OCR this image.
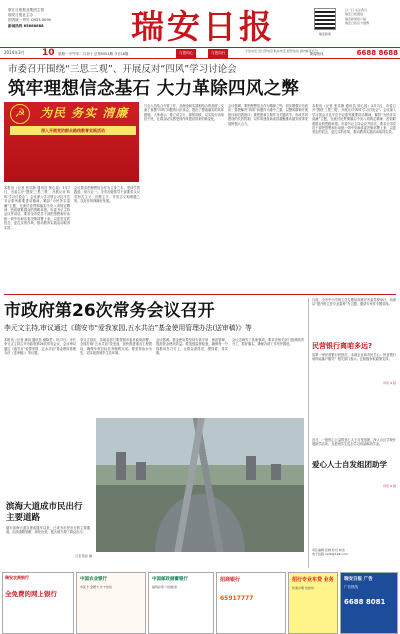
浙江日报报业集团主管
瑞安日报社主办
国内统一刊号 CN33-0090
新闻热线 65888888	瑞安日报	瑞安新闻
扫一扫 关注我们
瑞安日报微信
瑞安新闻客户端
瑞安日报官方微博
2014年3月 10 星期一 甲午年二月初十 总第5051期 今日16版	与您同心	与您同行	专线电话·发行部电话 联系电话 经营热线 国内邮发代号
新闻热线	6688 8688
市委召开围绕“三思三观”、开展反对“四风”学习讨论会
筑牢理想信念基石 大力革除四风之弊
☭	为民 务实 清廉
深入开展党的群众路线教育实践活动
本报讯（记者 张乐静 通讯员 钟心瑶）3月7日，市委召开“围绕‘三思三观’、开展反对‘四风’学习讨论会”。会议深入学习领会习近平总书记系列重要讲话精神，紧扣“为民务实清廉”主题，交流讨论贯彻落实中央八项规定精神、密切联系群众的思路举措。市委书记主持会议并讲话，要求全市党员干部把思想和行动统一到中央和省委决策部署上来，以更坚定的信念、更扎实的作风，推动教育实践活动取得实效。
会议要求把理想信念作为立身之本，坚持学思践悟、知行合一。全市各级领导干部要带头反对形式主义、官僚主义、享乐主义和奢靡之风，以好作风保障好发展。
与会人员结合分管工作，从理论和实践相结合的高度，交流了查摆“四风”问题的认识体会，提出了整改落实的具体措施。大家表示，要立说立行、即知即改，以实际行动取信于民，让群众切实感受到作风建设带来的新变化。
会议强调，要把理想信念作为精神之钙，切实增强宗旨意识；要把解决“四风”问题作为重中之重，以整风精神开展批评和自我批评；要把建章立制作为关键环节，形成作风建设的长效机制，以作风建设新成效凝聚推动瑞安改革发展的强大合力。
本报讯（记者 张乐静 通讯员 钟心瑶）3月7日，市委召开“围绕‘三思三观’、开展反对‘四风’学习讨论会”。会议深入学习领会习近平总书记系列重要讲话精神，紧扣“为民务实清廉”主题，交流讨论贯彻落实中央八项规定精神、密切联系群众的思路举措。市委书记主持会议并讲话，要求全市党员干部把思想和行动统一到中央和省委决策部署上来，以更坚定的信念、更扎实的作风，推动教育实践活动取得实效。
市政府第26次常务会议召开
李元文主持,审议通过《瑞安市“爱我家园,五水共治”基金使用管理办法(送审稿)》等
本报讯（记者 唐诗 通讯员 谢晓君）3月7日，市长李元文主持召开市政府第26次常务会议，会议审议通过《瑞安市“爱我家园、五水共治”基金使用管理办法（送审稿）》等议题。
李元文指出，各地各部门要按照市委市政府部署，全面打响“五水共治”攻坚战，加快推进重点工程建设，确保年度目标任务顺利完成。要坚持治水为先，切实改善城乡生态环境。
会议强调，基金使用要坚持专款专用、规范管理，提高资金使用效益。要加强监督检查，确保每一分钱都用在刀刃上，让群众看得见、摸得着、得实惠。
会议还研究了其他事项，要求各相关部门按照职责分工，抓好落实，确保各项工作有序推进。
滨海大道成市民出行主要道路
瑞安滨海大道自建成通车以来，已成为市民出行的主要通道，沿线道路宽敞、绿化优美，极大地方便了群众出行。
记者 陈孙 摄
日前，全市中小学班主任专题培训班在市委党校举行，培训以“提升班主任专业素养”为主题，邀请专家作专题讲座。
民营银行离咱多远?
省第一家民营银行获批后，本地企业和市民关心：民营银行何时能落户瑞安？相关部门表示，正积极争取政策支持。
详见 4 版
近日，一批热心公益的爱心人士自发组团，深入山区学校开展助学活动，为贫困学生送去学习用品和助学金。
爱心人士自发组团助学
详见 9 版
责任编辑 张晓 校对 林洁
电子信箱 radb@126.com
瑞安农商银行
全免费的网上银行
中国农业银行
市民卡·金穗卡 办卡热线
中国邮政储蓄银行
福利彩票 分批邮寄
招商银行
65917777
招行专业车贷 业务
快速办理 放款快
瑞安日报 广告
广告热线
6688 8081
